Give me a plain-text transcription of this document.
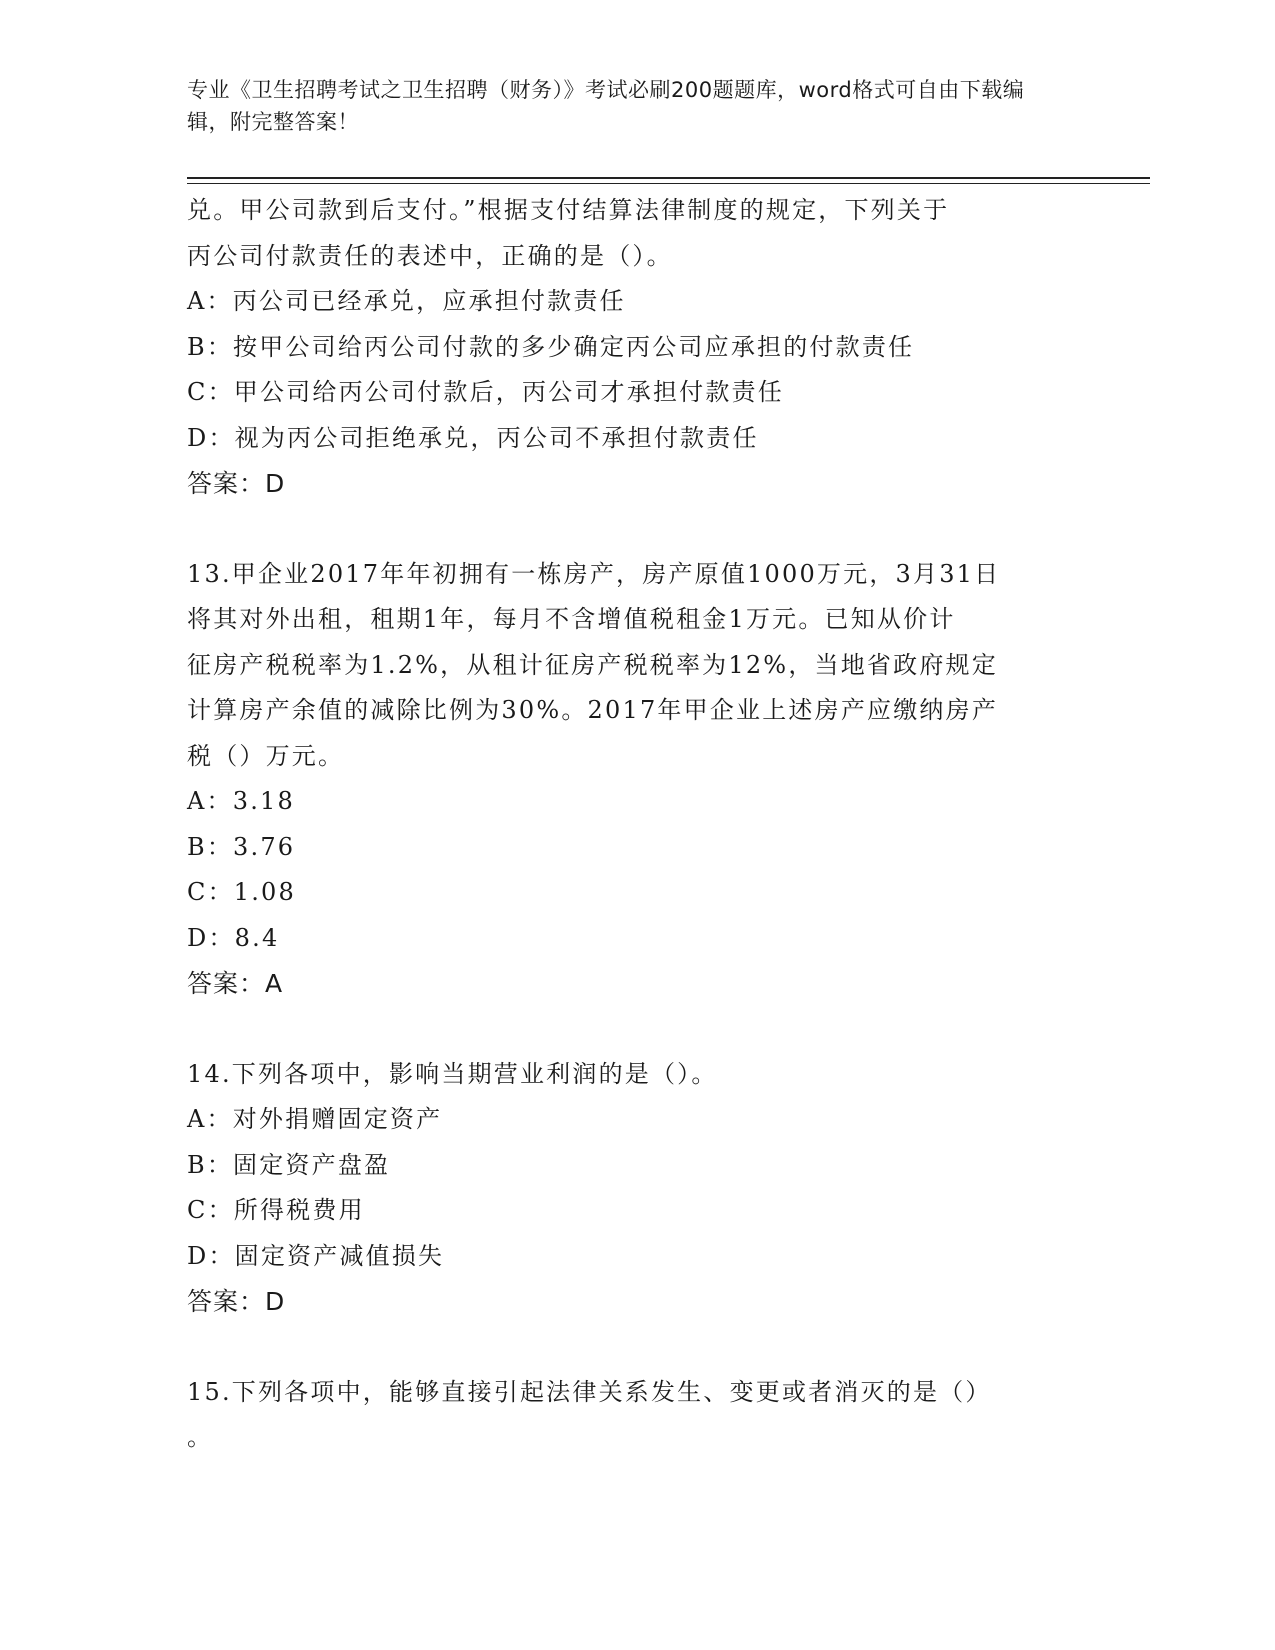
专业《卫生招聘考试之卫生招聘（财务）》考试必刷200题题库，word格式可自由下载编辑，附完整答案！

兑。甲公司款到后支付。”根据支付结算法律制度的规定，下列关于

丙公司付款责任的表述中，正确的是（）。

A：丙公司已经承兑，应承担付款责任

B：按甲公司给丙公司付款的多少确定丙公司应承担的付款责任

C：甲公司给丙公司付款后，丙公司才承担付款责任

D：视为丙公司拒绝承兑，丙公司不承担付款责任

答案：D

13.甲企业2017年年初拥有一栋房产，房产原值1000万元，3月31日

将其对外出租，租期1年，每月不含增值税租金1万元。已知从价计

征房产税税率为1.2%，从租计征房产税税率为12%，当地省政府规定

计算房产余值的减除比例为30%。2017年甲企业上述房产应缴纳房产

税（）万元。

A：3.18

B：3.76

C：1.08

D：8.4

答案：A

14.下列各项中，影响当期营业利润的是（）。

A：对外捐赠固定资产

B：固定资产盘盈

C：所得税费用

D：固定资产减值损失

答案：D

15.下列各项中，能够直接引起法律关系发生、变更或者消灭的是（）

。
